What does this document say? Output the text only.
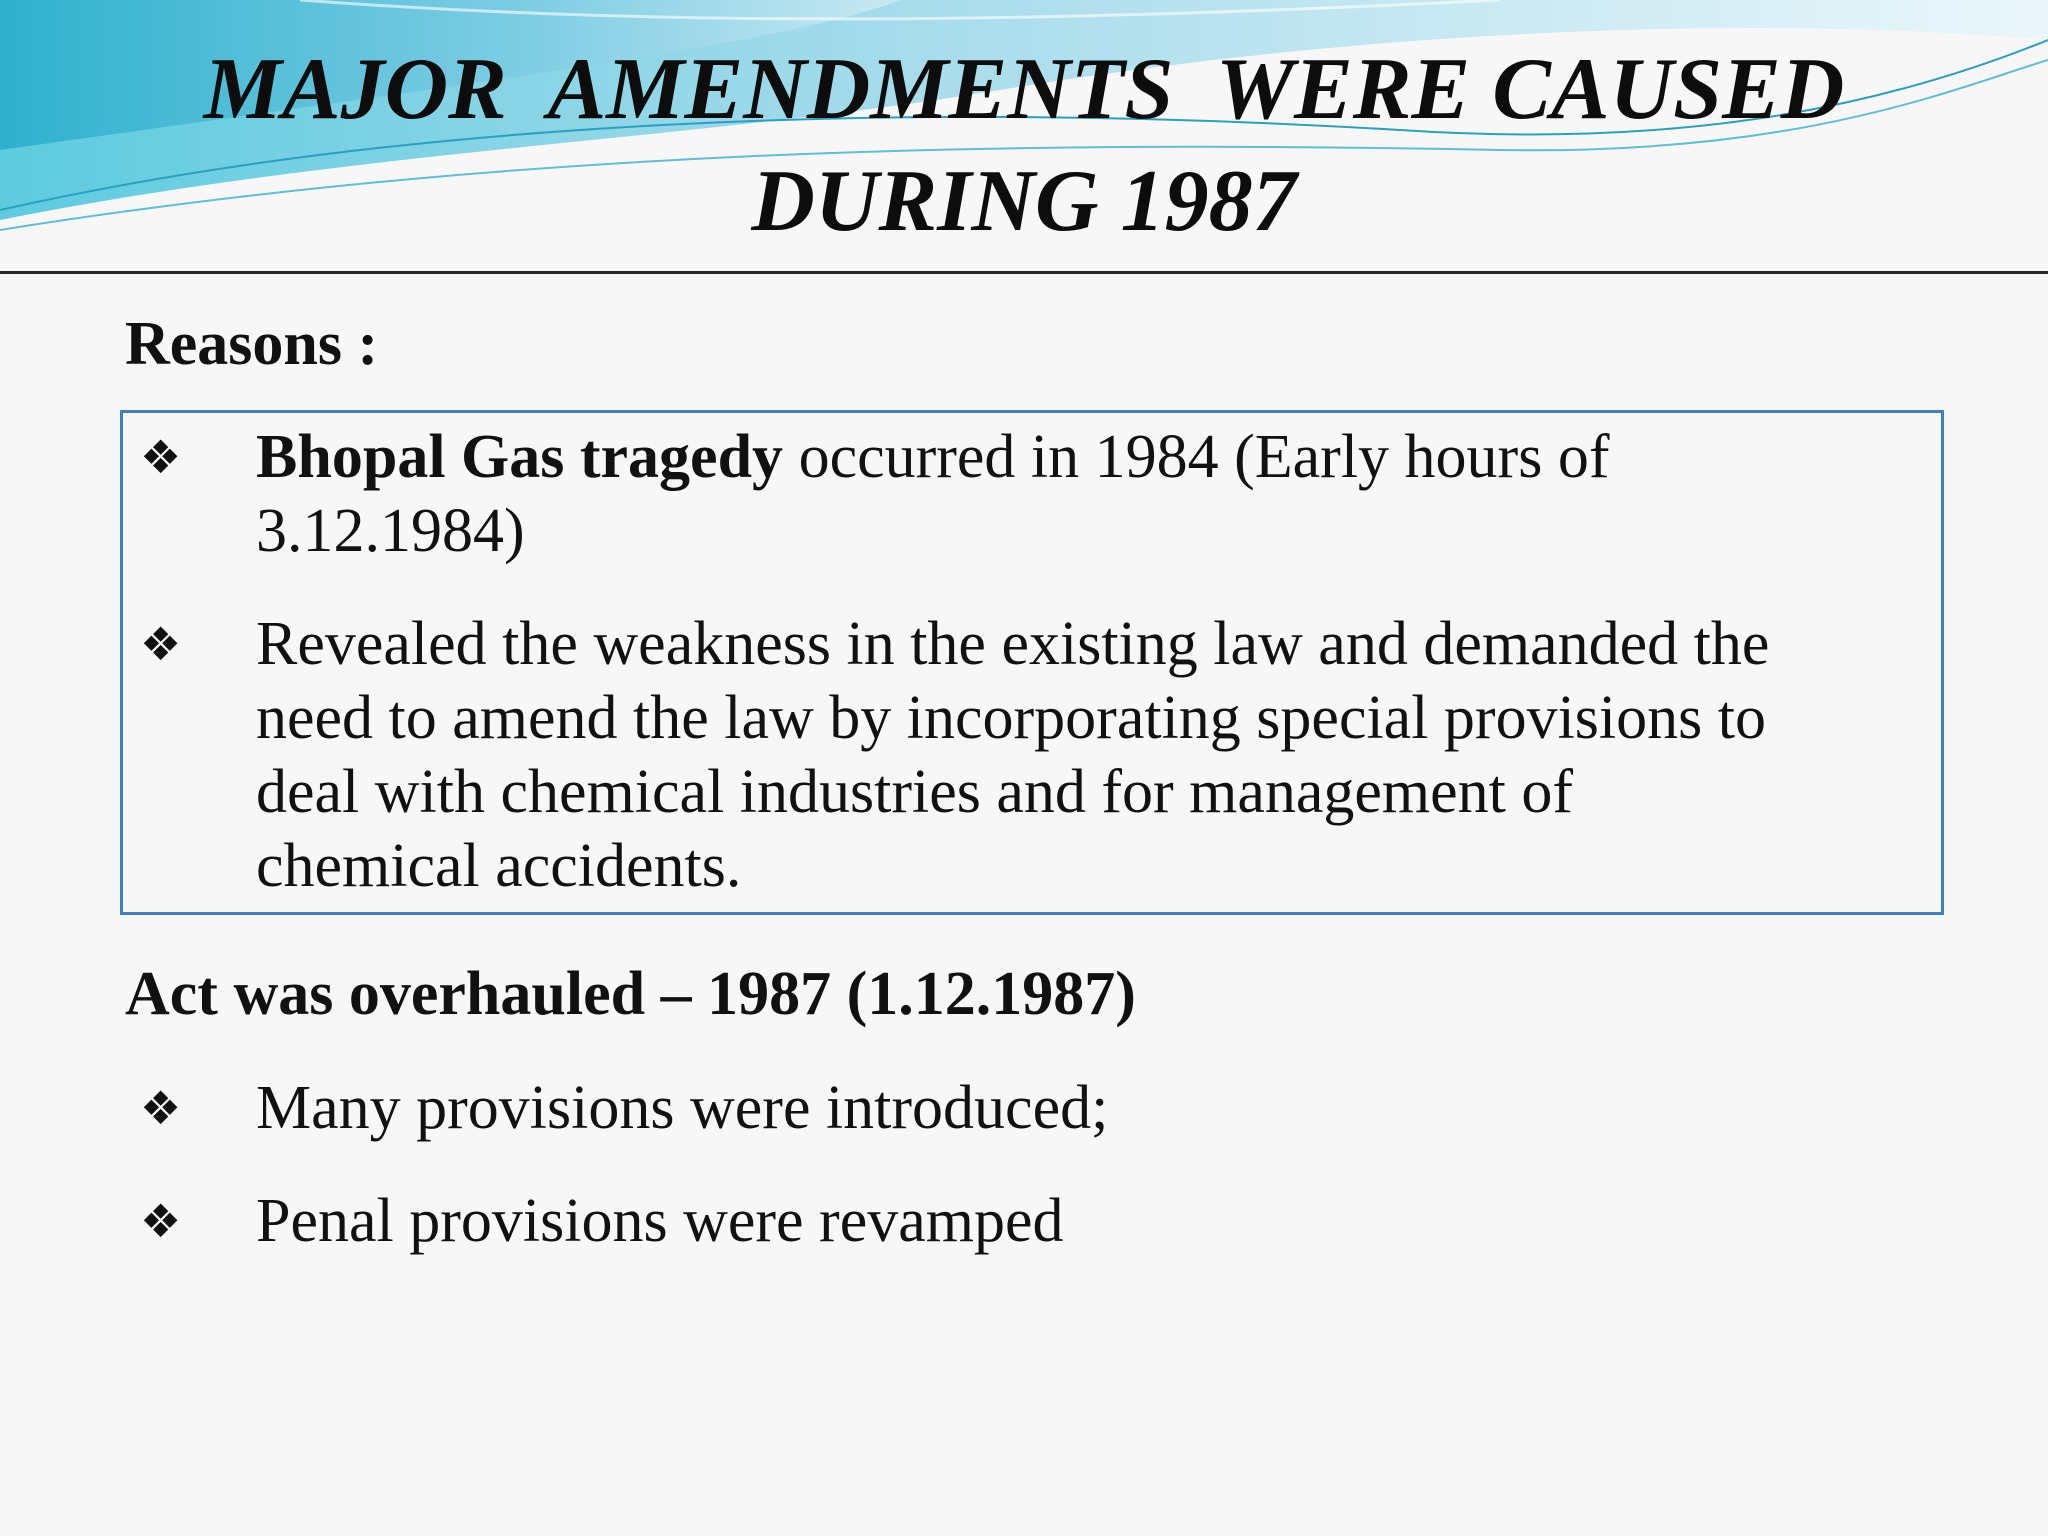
MAJOR  AMENDMENTS  WERE CAUSED
DURING 1987
Reasons :
❖ Bhopal Gas tragedy occurred in 1984 (Early hours of
3.12.1984)
❖ Revealed the weakness in the existing law and demanded the
need to amend the law by incorporating special provisions to
deal with chemical industries and for management of
chemical accidents.
Act was overhauled – 1987 (1.12.1987)
❖ Many provisions were introduced;
❖ Penal provisions were revamped
